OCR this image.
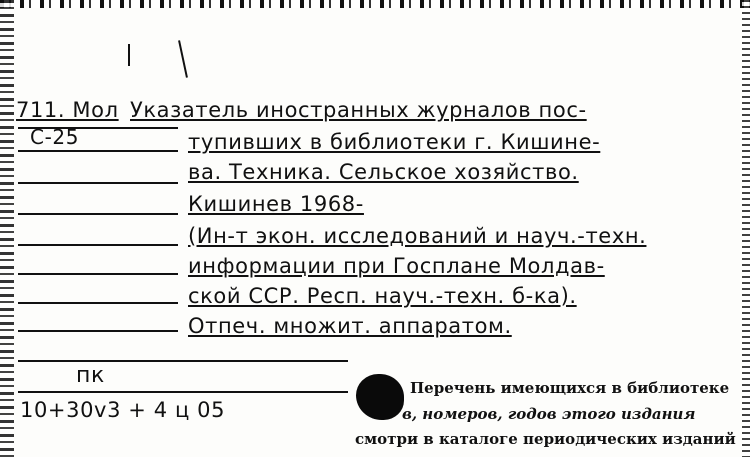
711. Мол
С-25
Указатель иностранных журналов пос-
тупивших в библиотеки г. Кишине-
ва. Техника. Сельское хозяйство.
Кишинев 1968-
(Ин-т экон. исследований и науч.-техн.
информации при Госплане Молдав-
ской ССР. Респ. науч.-техн. б-ка).
Отпеч. множит. аппаратом.
пк
10+30v3 + 4 ц 05
Перечень имеющихся в библиотеке
в, номеров, годов этого издания
смотри в каталоге периодических изданий
